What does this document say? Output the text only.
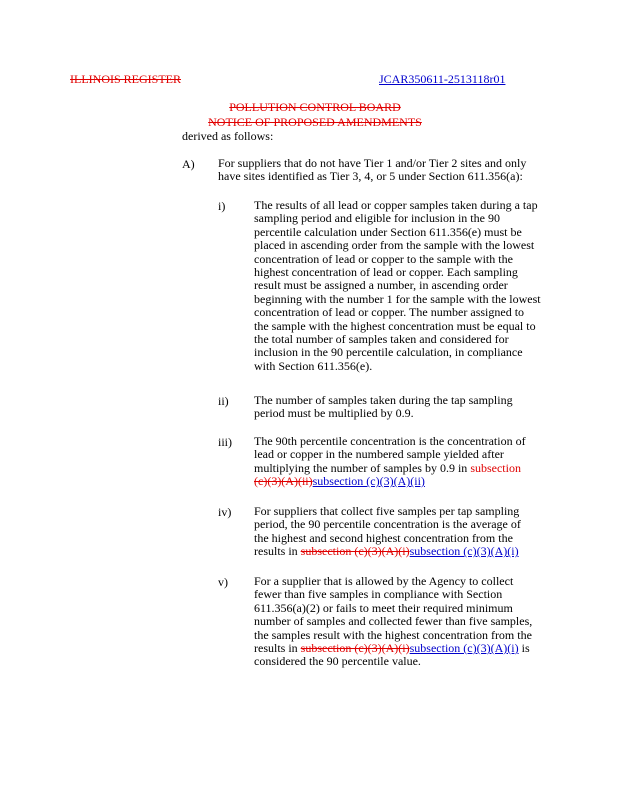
ILLINOIS REGISTER	JCAR350611-2513118r01
POLLUTION CONTROL BOARD
NOTICE OF PROPOSED AMENDMENTS
derived as follows:
A) For suppliers that do not have Tier 1 and/or Tier 2 sites and only
have sites identified as Tier 3, 4, or 5 under Section 611.356(a):
i) The results of all lead or copper samples taken during a tap
sampling period and eligible for inclusion in the 90
percentile calculation under Section 611.356(e) must be
placed in ascending order from the sample with the lowest
concentration of lead or copper to the sample with the
highest concentration of lead or copper. Each sampling
result must be assigned a number, in ascending order
beginning with the number 1 for the sample with the lowest
concentration of lead or copper. The number assigned to
the sample with the highest concentration must be equal to
the total number of samples taken and considered for
inclusion in the 90 percentile calculation, in compliance
with Section 611.356(e).
ii) The number of samples taken during the tap sampling
period must be multiplied by 0.9.
iii) The 90th percentile concentration is the concentration of
lead or copper in the numbered sample yielded after
multiplying the number of samples by 0.9 in subsection
(c)(3)(A)(ii)subsection (c)(3)(A)(ii)
iv) For suppliers that collect five samples per tap sampling
period, the 90 percentile concentration is the average of
the highest and second highest concentration from the
results in subsection (c)(3)(A)(i)subsection (c)(3)(A)(i)
v) For a supplier that is allowed by the Agency to collect
fewer than five samples in compliance with Section
611.356(a)(2) or fails to meet their required minimum
number of samples and collected fewer than five samples,
the samples result with the highest concentration from the
results in subsection (c)(3)(A)(i)subsection (c)(3)(A)(i) is
considered the 90 percentile value.
